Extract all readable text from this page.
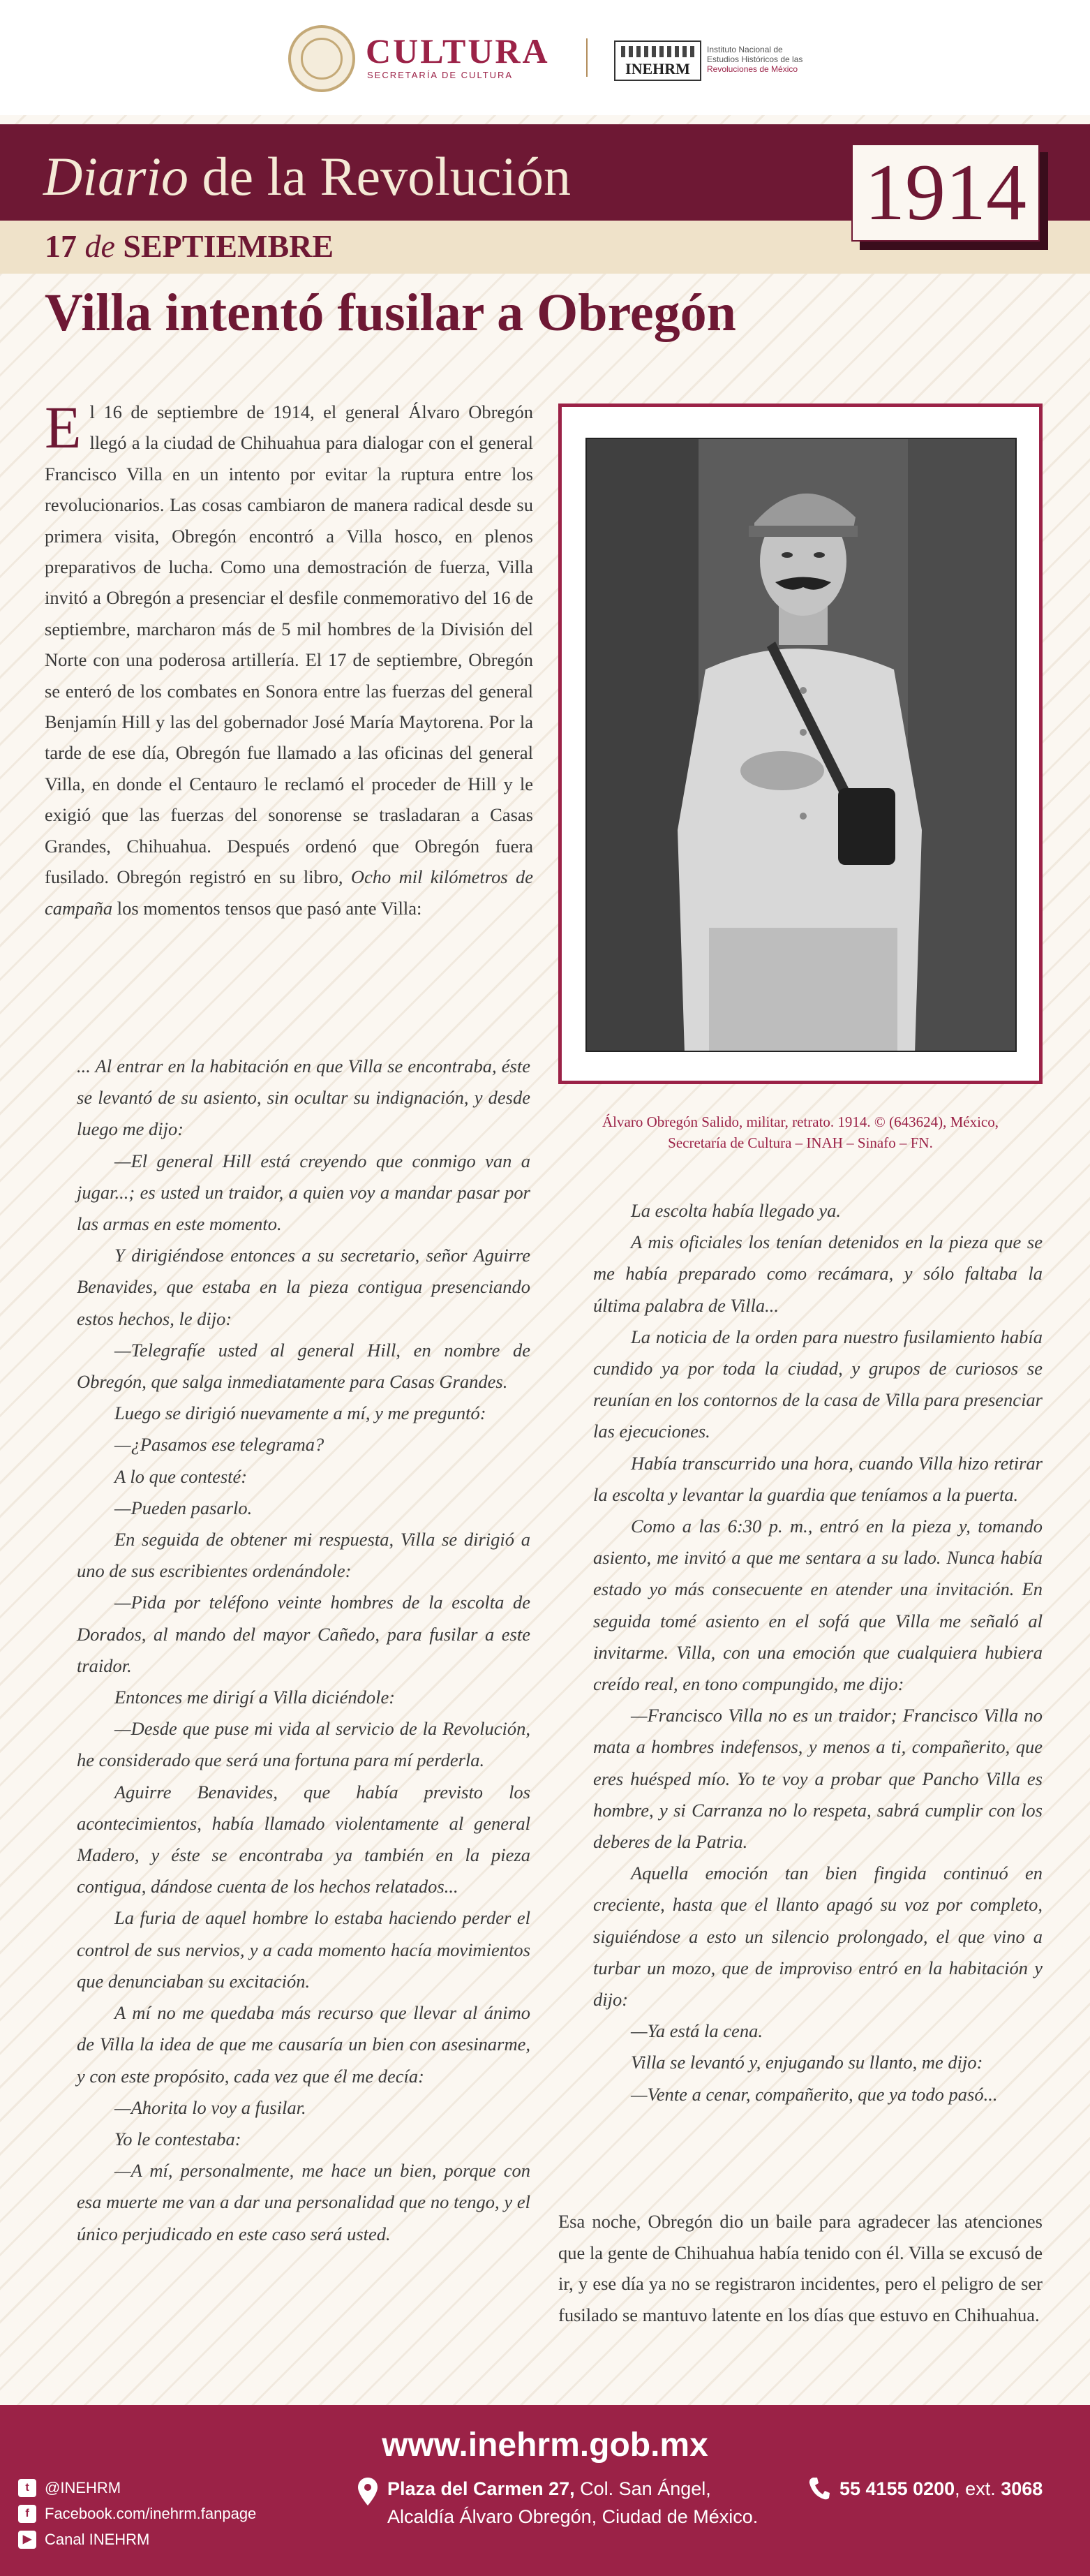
CULTURA
SECRETARÍA DE CULTURA	INEHRM
Instituto Nacional de
Estudios Históricos de las
Revoluciones de México
Diario de la Revolución
17 de SEPTIEMBRE
1914
Villa intentó fusilar a Obregón
El 16 de septiembre de 1914, el general Álvaro Obregón llegó a la ciudad de Chihuahua para dialogar con el general Francisco Villa en un intento por evitar la ruptura entre los revolucionarios. Las cosas cambiaron de manera radical desde su primera visita, Obregón encontró a Villa hosco, en plenos preparativos de lucha. Como una demostración de fuerza, Villa invitó a Obregón a presenciar el desfile conmemorativo del 16 de septiembre, marcharon más de 5 mil hombres de la División del Norte con una poderosa artillería. El 17 de septiembre, Obregón se enteró de los combates en Sonora entre las fuerzas del general Benjamín Hill y las del gobernador José María Maytorena. Por la tarde de ese día, Obregón fue llamado a las oficinas del general Villa, en donde el Centauro le reclamó el proceder de Hill y le exigió que las fuerzas del sonorense se trasladaran a Casas Grandes, Chihuahua. Después ordenó que Obregón fuera fusilado. Obregón registró en su libro, Ocho mil kilómetros de campaña los momentos tensos que pasó ante Villa:

... Al entrar en la habitación en que Villa se encontraba, éste se levantó de su asiento, sin ocultar su indignación, y desde luego me dijo:

—El general Hill está creyendo que conmigo van a jugar...; es usted un traidor, a quien voy a mandar pasar por las armas en este momento.

Y dirigiéndose entonces a su secretario, señor Aguirre Benavides, que estaba en la pieza contigua presenciando estos hechos, le dijo:

—Telegrafíe usted al general Hill, en nombre de Obregón, que salga inmediatamente para Casas Grandes.

Luego se dirigió nuevamente a mí, y me preguntó:

—¿Pasamos ese telegrama?

A lo que contesté:

—Pueden pasarlo.

En seguida de obtener mi respuesta, Villa se dirigió a uno de sus escribientes ordenándole:

—Pida por teléfono veinte hombres de la escolta de Dorados, al mando del mayor Cañedo, para fusilar a este traidor.

Entonces me dirigí a Villa diciéndole:

—Desde que puse mi vida al servicio de la Revolución, he considerado que será una fortuna para mí perderla.

Aguirre Benavides, que había previsto los acontecimientos, había llamado violentamente al general Madero, y éste se encontraba ya también en la pieza contigua, dándose cuenta de los hechos relatados...

La furia de aquel hombre lo estaba haciendo perder el control de sus nervios, y a cada momento hacía movimientos que denunciaban su excitación.

A mí no me quedaba más recurso que llevar al ánimo de Villa la idea de que me causaría un bien con asesinarme, y con este propósito, cada vez que él me decía:

—Ahorita lo voy a fusilar.

Yo le contestaba:

—A mí, personalmente, me hace un bien, porque con esa muerte me van a dar una personalidad que no tengo, y el único perjudicado en este caso será usted.

Álvaro Obregón Salido, militar, retrato. 1914. © (643624), México,
Secretaría de Cultura – INAH – Sinafo – FN.

La escolta había llegado ya.

A mis oficiales los tenían detenidos en la pieza que se me había preparado como recámara, y sólo faltaba la última palabra de Villa...

La noticia de la orden para nuestro fusilamiento había cundido ya por toda la ciudad, y grupos de curiosos se reunían en los contornos de la casa de Villa para presenciar las ejecuciones.

Había transcurrido una hora, cuando Villa hizo retirar la escolta y levantar la guardia que teníamos a la puerta.

Como a las 6:30 p. m., entró en la pieza y, tomando asiento, me invitó a que me sentara a su lado. Nunca había estado yo más consecuente en atender una invitación. En seguida tomé asiento en el sofá que Villa me señaló al invitarme. Villa, con una emoción que cualquiera hubiera creído real, en tono compungido, me dijo:

—Francisco Villa no es un traidor; Francisco Villa no mata a hombres indefensos, y menos a ti, compañerito, que eres huésped mío. Yo te voy a probar que Pancho Villa es hombre, y si Carranza no lo respeta, sabrá cumplir con los deberes de la Patria.

Aquella emoción tan bien fingida continuó en creciente, hasta que el llanto apagó su voz por completo, siguiéndose a esto un silencio prolongado, el que vino a turbar un mozo, que de improviso entró en la habitación y dijo:

—Ya está la cena.

Villa se levantó y, enjugando su llanto, me dijo:

—Vente a cenar, compañerito, que ya todo pasó...

Esa noche, Obregón dio un baile para agradecer las atenciones que la gente de Chihuahua había tenido con él. Villa se excusó de ir, y ese día ya no se registraron incidentes, pero el peligro de ser fusilado se mantuvo latente en los días que estuvo en Chihuahua.
www.inehrm.gob.mx
t	@INEHRM
f	Facebook.com/inehrm.fanpage
▶ Canal INEHRM
Plaza del Carmen 27, Col. San Ángel,
Alcaldía Álvaro Obregón, Ciudad de México.
55 4155 0200, ext. 3068
